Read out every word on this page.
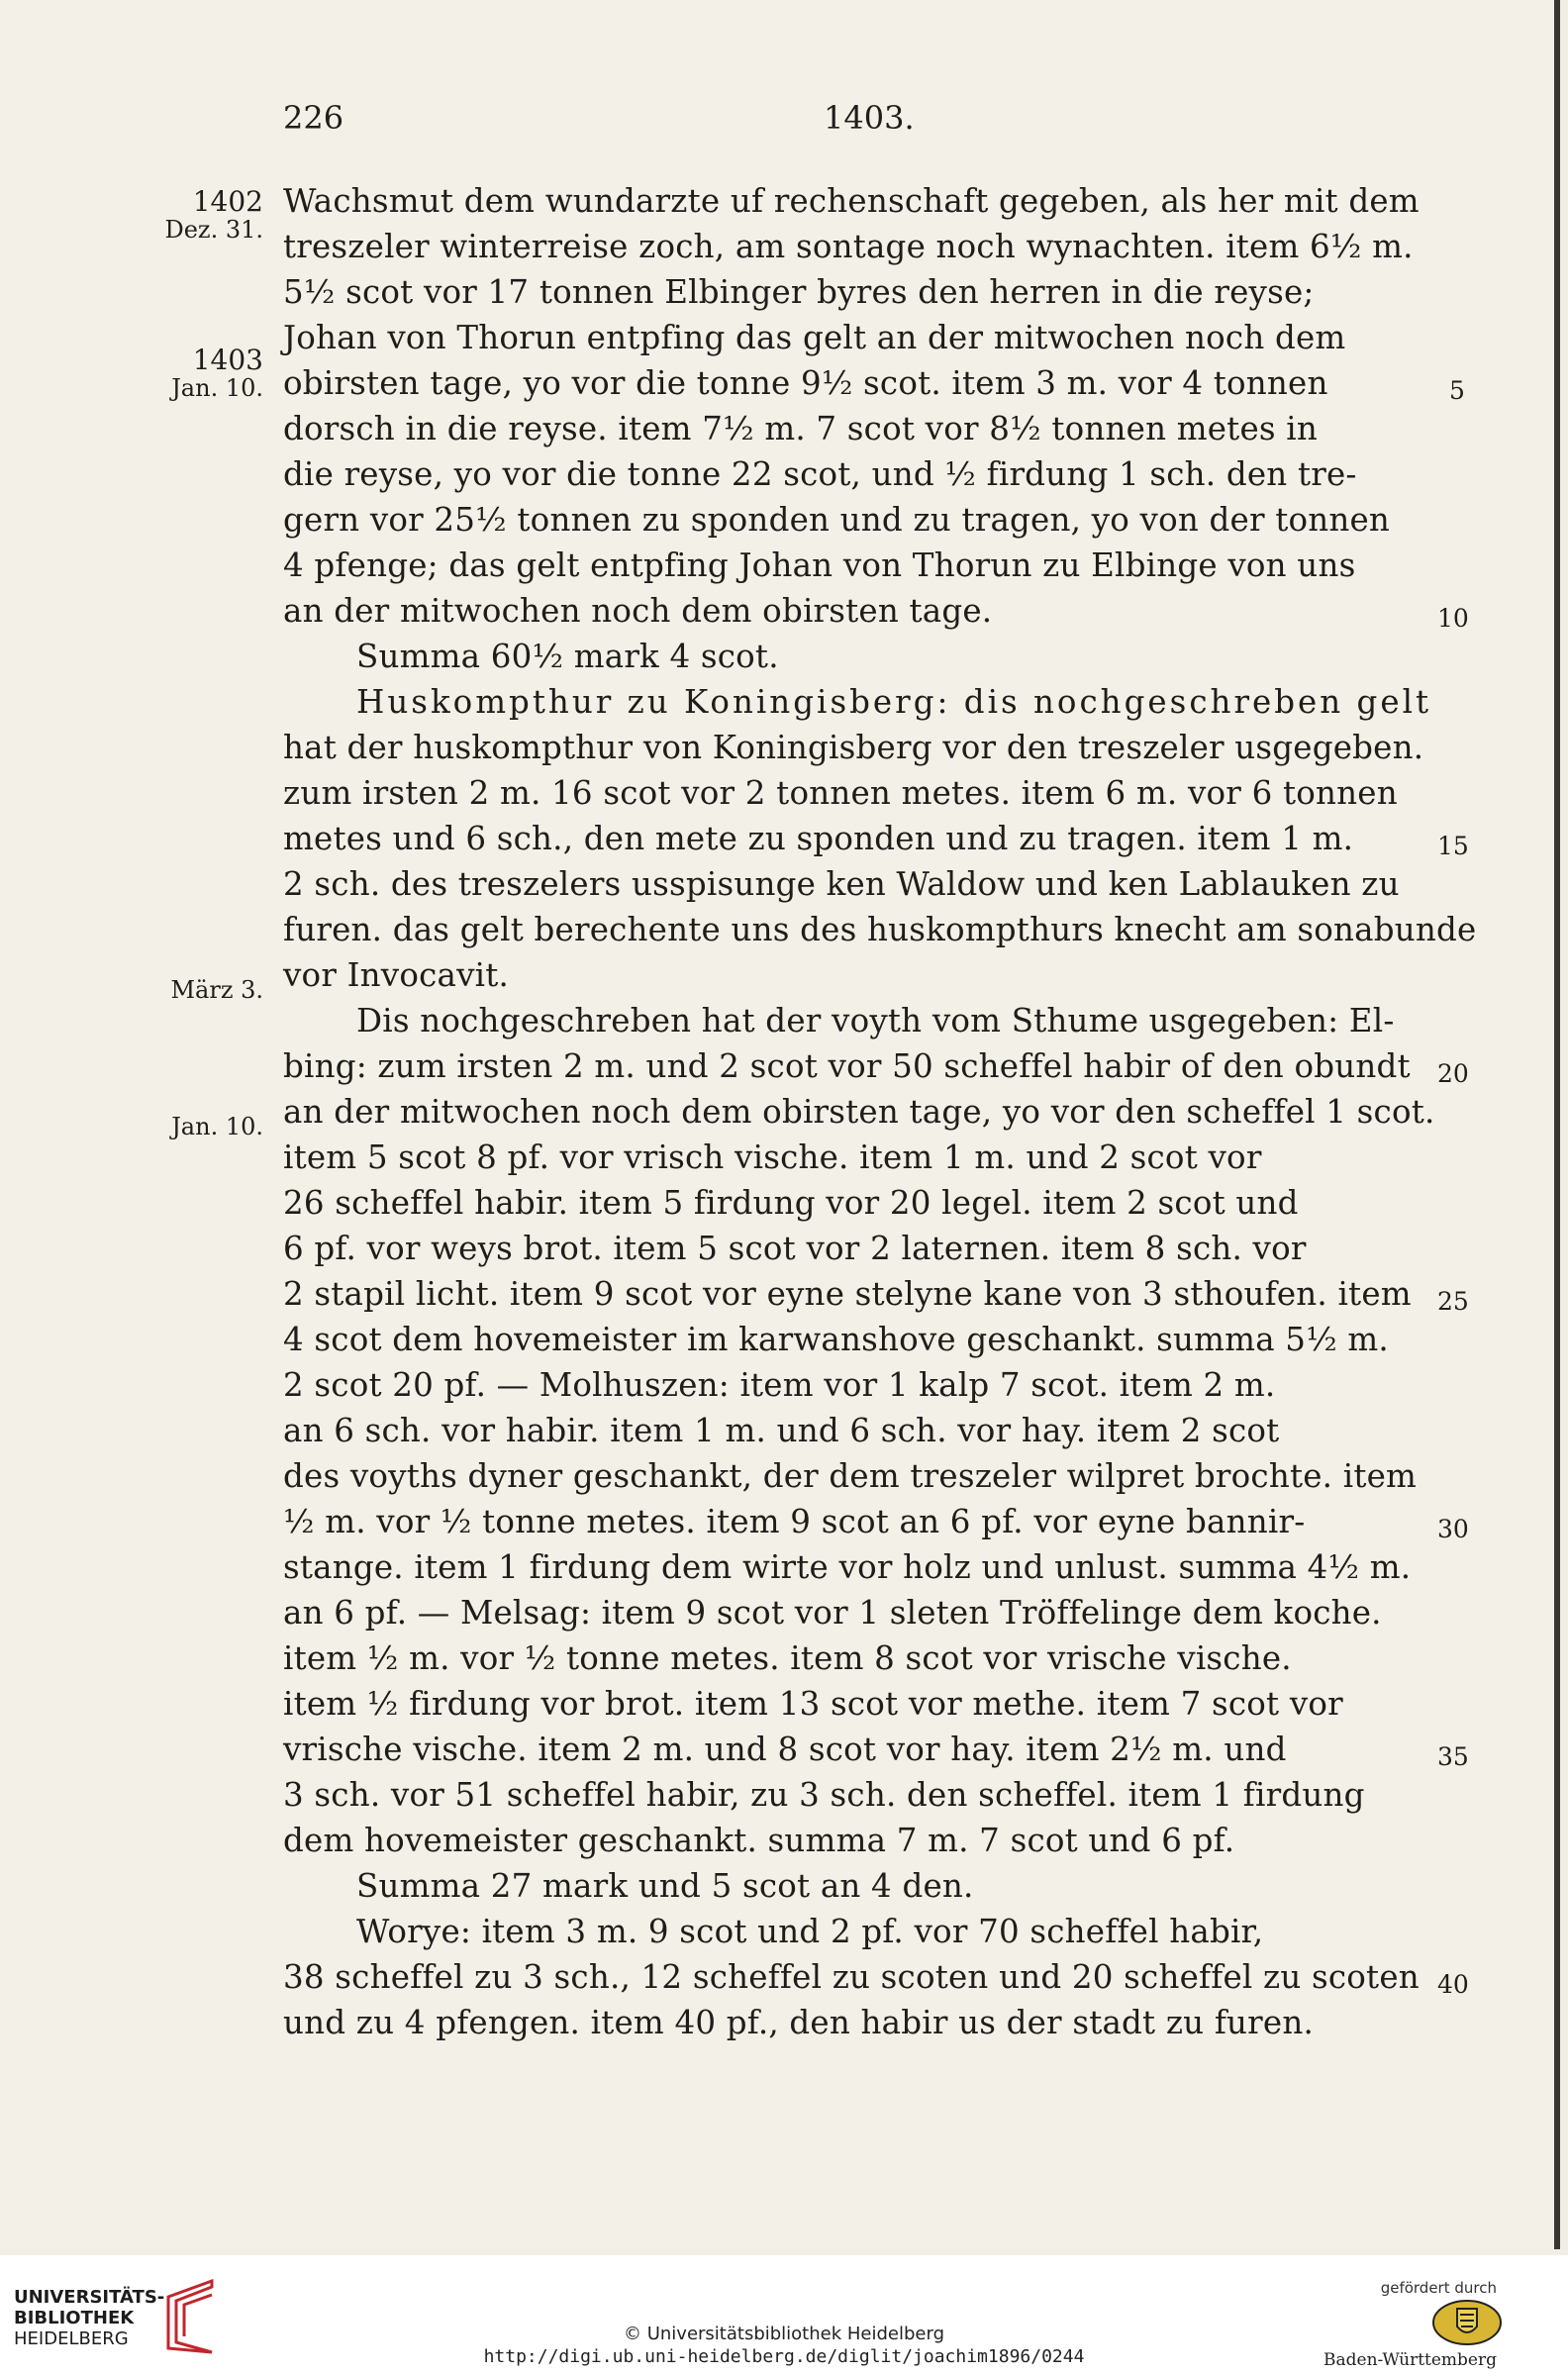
226	1403.
1402
Dez. 31.
1403
Jan. 10.
März 3.
Jan. 10.
Wachsmut dem wundarzte uf rechenschaft gegeben, als her mit dem
treszeler winterreise zoch, am sontage noch wynachten. item 6½ m.
5½ scot vor 17 tonnen Elbinger byres den herren in die reyse;
Johan von Thorun entpfing das gelt an der mitwochen noch dem
obirsten tage, yo vor die tonne 9½ scot. item 3 m. vor 4 tonnen
dorsch in die reyse. item 7½ m. 7 scot vor 8½ tonnen metes in
die reyse, yo vor die tonne 22 scot, und ½ firdung 1 sch. den tre-
gern vor 25½ tonnen zu sponden und zu tragen, yo von der tonnen
4 pfenge; das gelt entpfing Johan von Thorun zu Elbinge von uns
an der mitwochen noch dem obirsten tage.
Summa 60½ mark 4 scot.
Huskompthur zu Koningisberg: dis nochgeschreben gelt
hat der huskompthur von Koningisberg vor den treszeler usgegeben.
zum irsten 2 m. 16 scot vor 2 tonnen metes. item 6 m. vor 6 tonnen
metes und 6 sch., den mete zu sponden und zu tragen. item 1 m.
2 sch. des treszelers usspisunge ken Waldow und ken Lablauken zu
furen. das gelt berechente uns des huskompthurs knecht am sonabunde
vor Invocavit.
Dis nochgeschreben hat der voyth vom Sthume usgegeben: El-
bing: zum irsten 2 m. und 2 scot vor 50 scheffel habir of den obundt
an der mitwochen noch dem obirsten tage, yo vor den scheffel 1 scot.
item 5 scot 8 pf. vor vrisch vische. item 1 m. und 2 scot vor
26 scheffel habir. item 5 firdung vor 20 legel. item 2 scot und
6 pf. vor weys brot. item 5 scot vor 2 laternen. item 8 sch. vor
2 stapil licht. item 9 scot vor eyne stelyne kane von 3 sthoufen. item
4 scot dem hovemeister im karwanshove geschankt. summa 5½ m.
2 scot 20 pf. — Molhuszen: item vor 1 kalp 7 scot. item 2 m.
an 6 sch. vor habir. item 1 m. und 6 sch. vor hay. item 2 scot
des voyths dyner geschankt, der dem treszeler wilpret brochte. item
½ m. vor ½ tonne metes. item 9 scot an 6 pf. vor eyne bannir-
stange. item 1 firdung dem wirte vor holz und unlust. summa 4½ m.
an 6 pf. — Melsag: item 9 scot vor 1 sleten Tröffelinge dem koche.
item ½ m. vor ½ tonne metes. item 8 scot vor vrische vische.
item ½ firdung vor brot. item 13 scot vor methe. item 7 scot vor
vrische vische. item 2 m. und 8 scot vor hay. item 2½ m. und
3 sch. vor 51 scheffel habir, zu 3 sch. den scheffel. item 1 firdung
dem hovemeister geschankt. summa 7 m. 7 scot und 6 pf.
Summa 27 mark und 5 scot an 4 den.
Worye: item 3 m. 9 scot und 2 pf. vor 70 scheffel habir,
38 scheffel zu 3 sch., 12 scheffel zu scoten und 20 scheffel zu scoten
und zu 4 pfengen. item 40 pf., den habir us der stadt zu furen.
5
10
15
20
25
30
35
40
UNIVERSITÄTS-
BIBLIOTHEK
HEIDELBERG	© Universitätsbibliothek Heidelberg
http://digi.ub.uni-heidelberg.de/diglit/joachim1896/0244
gefördert durch
Baden-Württemberg
